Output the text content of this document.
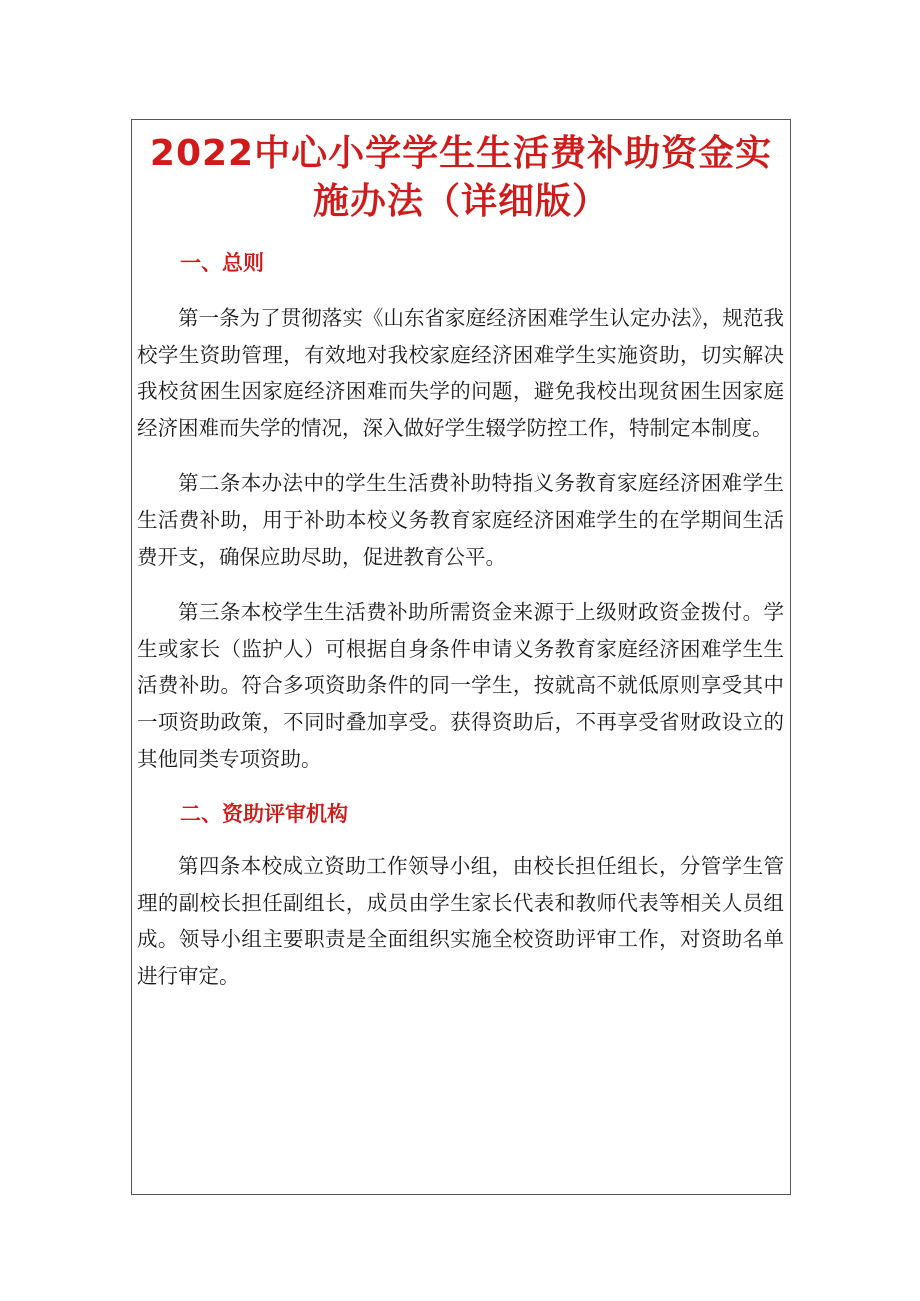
2022中心小学学生生活费补助资金实施办法（详细版）
一、总则

第一条为了贯彻落实《山东省家庭经济困难学生认定办法》，规范我校学生资助管理，有效地对我校家庭经济困难学生实施资助，切实解决我校贫困生因家庭经济困难而失学的问题，避免我校出现贫困生因家庭经济困难而失学的情况，深入做好学生辍学防控工作，特制定本制度。

第二条本办法中的学生生活费补助特指义务教育家庭经济困难学生生活费补助，用于补助本校义务教育家庭经济困难学生的在学期间生活费开支，确保应助尽助，促进教育公平。

第三条本校学生生活费补助所需资金来源于上级财政资金拨付。学生或家长（监护人）可根据自身条件申请义务教育家庭经济困难学生生活费补助。符合多项资助条件的同一学生，按就高不就低原则享受其中一项资助政策，不同时叠加享受。获得资助后，不再享受省财政设立的其他同类专项资助。

二、资助评审机构

第四条本校成立资助工作领导小组，由校长担任组长，分管学生管理的副校长担任副组长，成员由学生家长代表和教师代表等相关人员组成。领导小组主要职责是全面组织实施全校资助评审工作，对资助名单进行审定。
